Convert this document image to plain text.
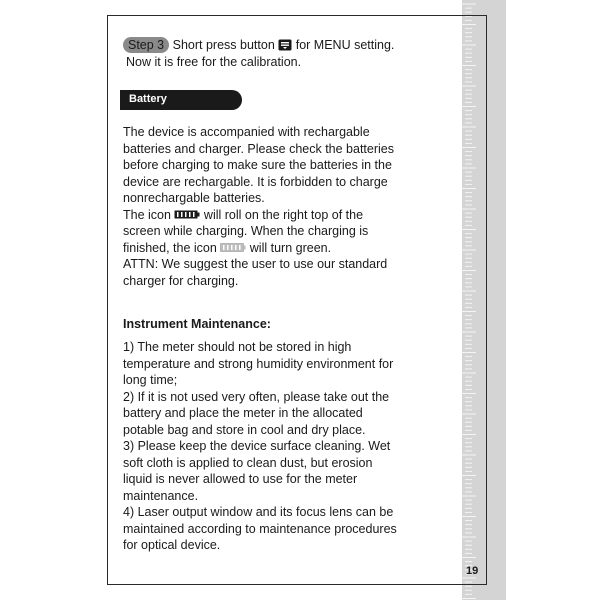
Step 3 Short press button for MENU setting.
Now it is free for the calibration.
Battery
The device is accompanied with rechargable
batteries and charger. Please check the batteries
before charging to make sure the batteries in the
device are rechargable. It is forbidden to charge
nonrechargable batteries.
The icon	will roll on the right top of the
screen while charging. When the charging is
finished, the icon	will turn green.
ATTN: We suggest the user to use our standard
charger for charging.
Instrument Maintenance:
1) The meter should not be stored in high
temperature and strong humidity environment for
long time;
2) If it is not used very often, please take out the
battery and place the meter in the allocated
potable bag and store in cool and dry place.
3) Please keep the device surface cleaning. Wet
soft cloth is applied to clean dust, but erosion
liquid is never allowed to use for the meter
maintenance.
4) Laser output window and its focus lens can be
maintained according to maintenance procedures
for optical device.
19
